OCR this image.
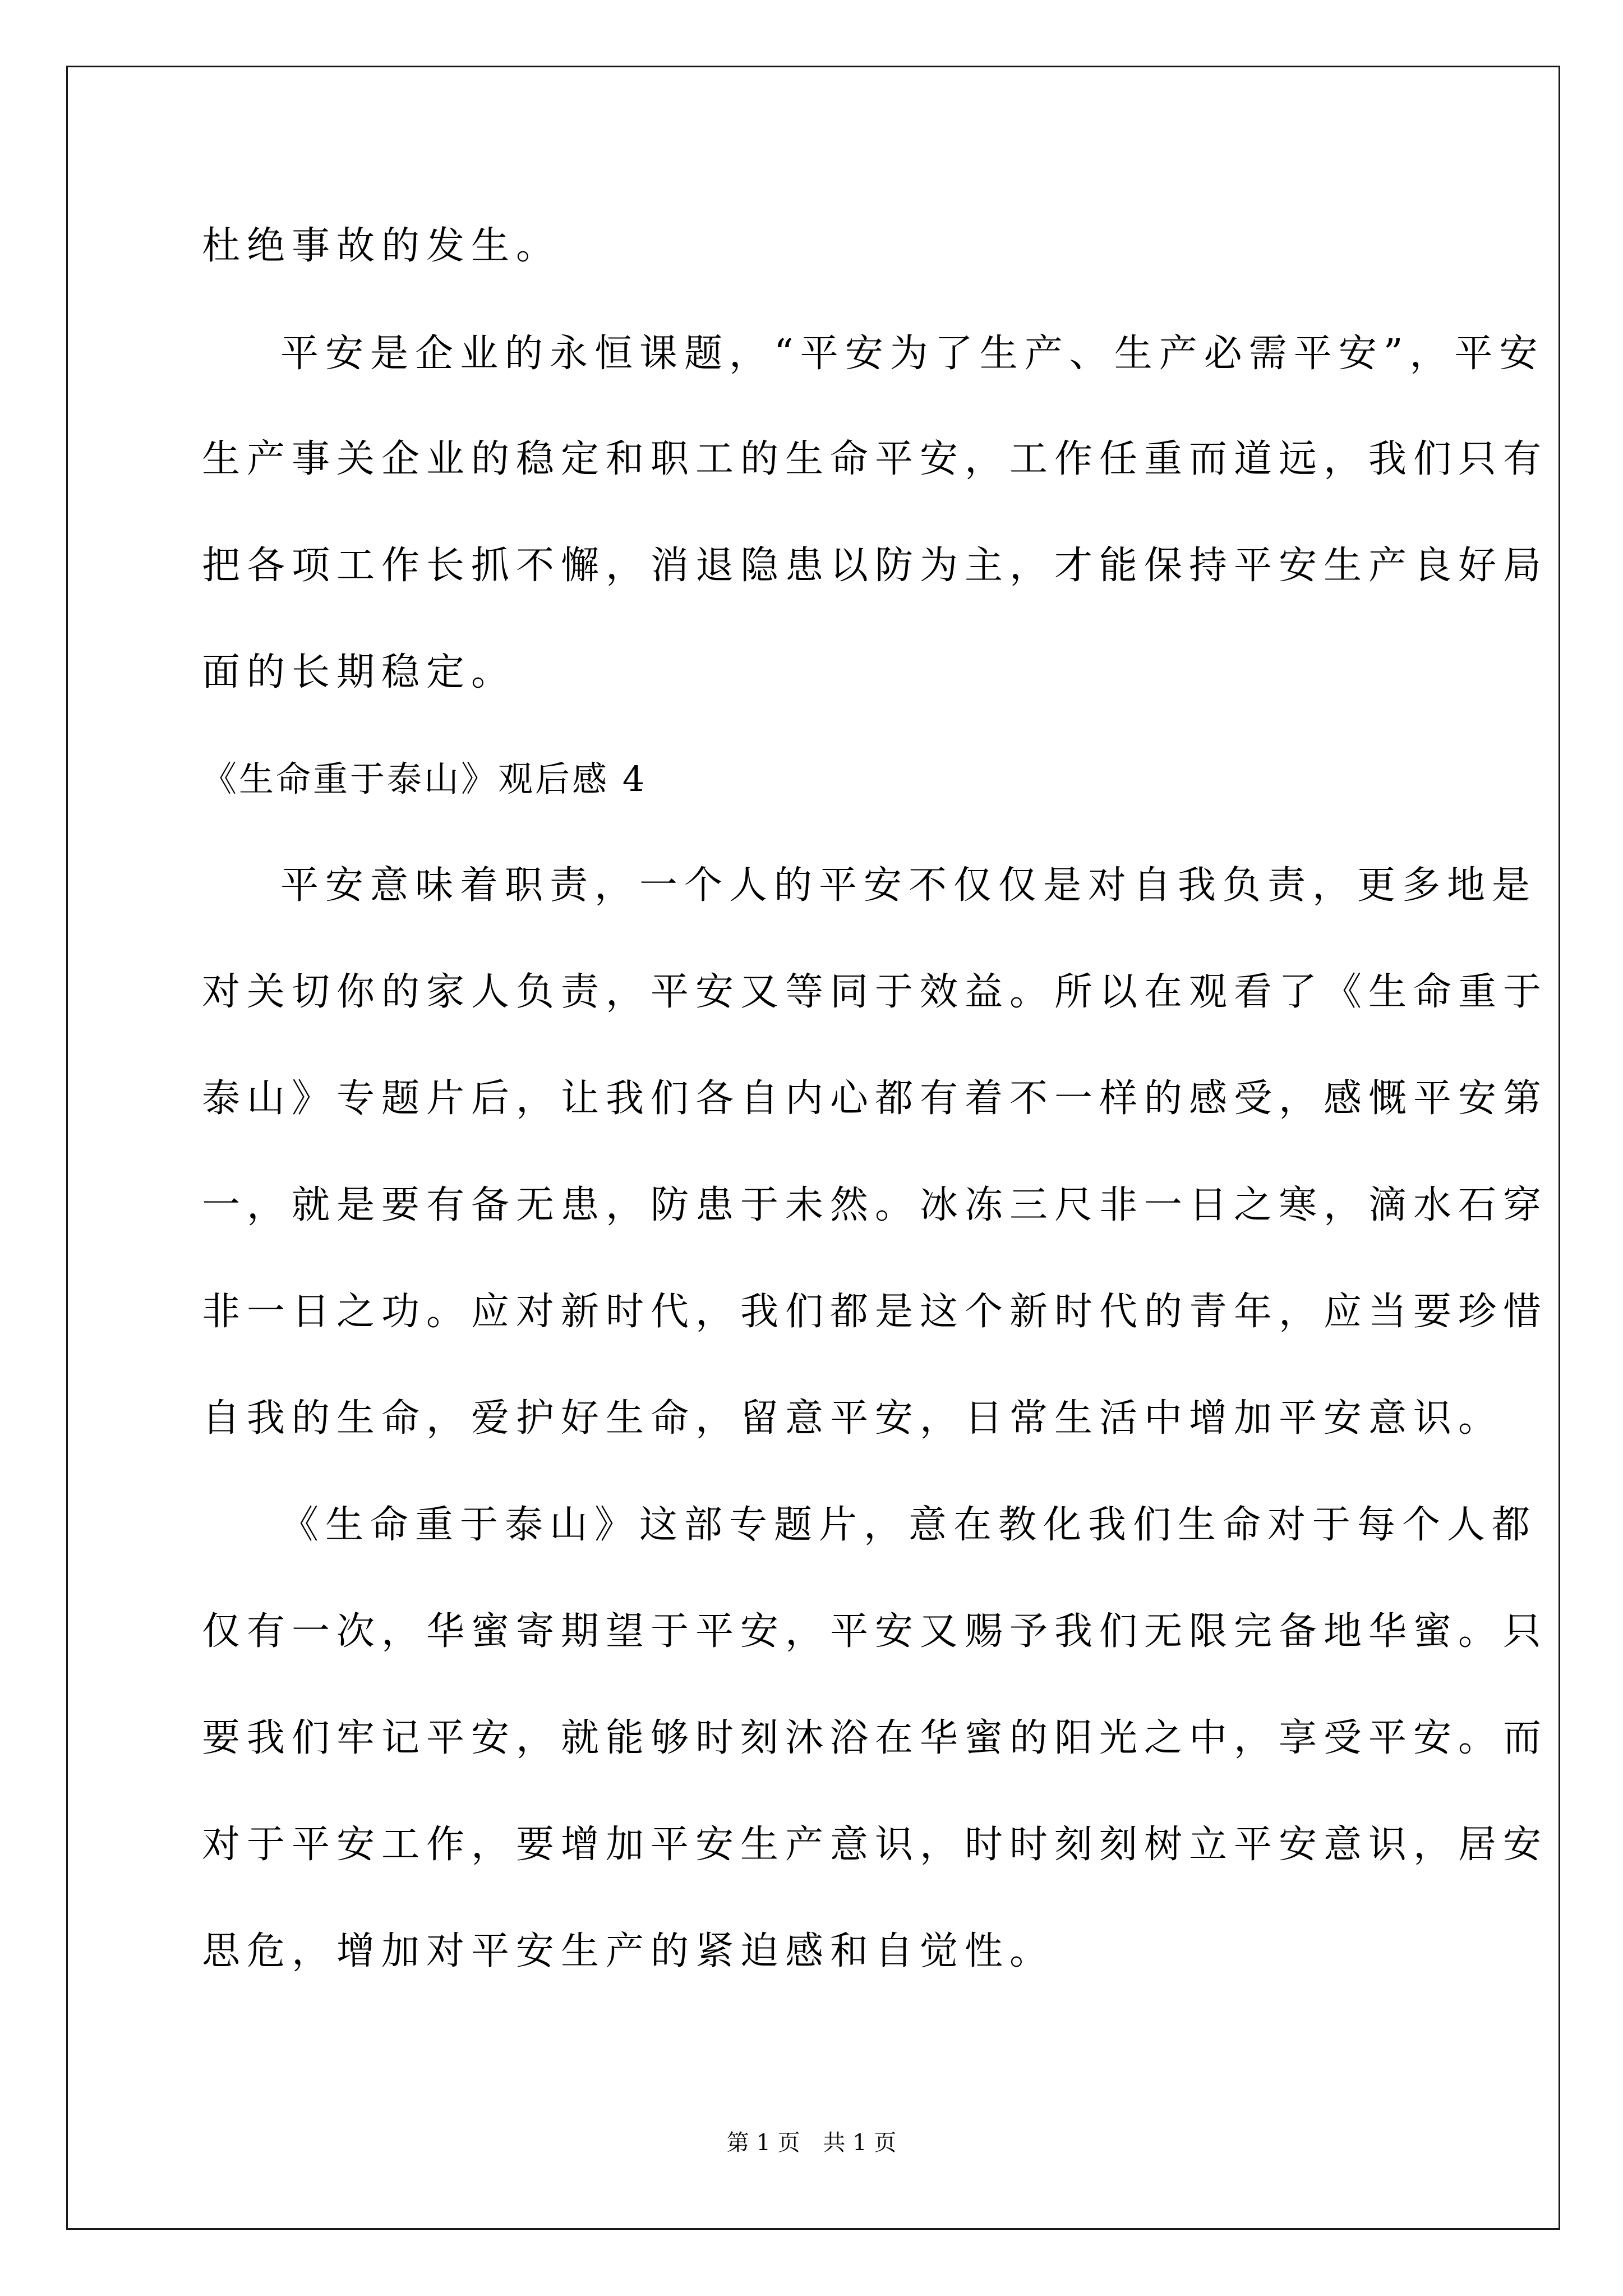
杜绝事故的发生。
平安是企业的永恒课题，“平安为了生产、生产必需平安”，平安
生产事关企业的稳定和职工的生命平安，工作任重而道远，我们只有
把各项工作长抓不懈，消退隐患以防为主，才能保持平安生产良好局
面的长期稳定。
《生命重于泰山》观后感 4
平安意味着职责，一个人的平安不仅仅是对自我负责，更多地是
对关切你的家人负责，平安又等同于效益。所以在观看了《生命重于
泰山》专题片后，让我们各自内心都有着不一样的感受，感慨平安第
一，就是要有备无患，防患于未然。冰冻三尺非一日之寒，滴水石穿
非一日之功。应对新时代，我们都是这个新时代的青年，应当要珍惜
自我的生命，爱护好生命，留意平安，日常生活中增加平安意识。
《生命重于泰山》这部专题片，意在教化我们生命对于每个人都
仅有一次，华蜜寄期望于平安，平安又赐予我们无限完备地华蜜。只
要我们牢记平安，就能够时刻沐浴在华蜜的阳光之中，享受平安。而
对于平安工作，要增加平安生产意识，时时刻刻树立平安意识，居安
思危，增加对平安生产的紧迫感和自觉性。
第 1 页 共 1 页
